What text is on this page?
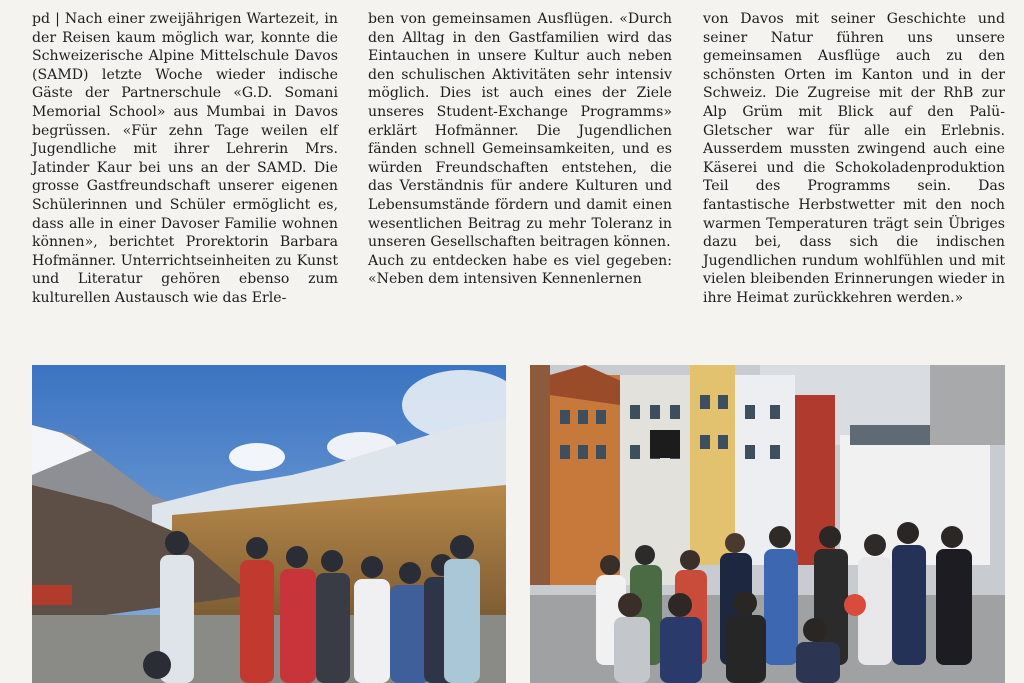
pd | Nach einer zweijährigen Wartezeit, in der Reisen kaum möglich war, konnte die Schweizerische Alpine Mittelschule Davos (SAMD) letzte Woche wieder indische Gäste der Partnerschule «G.D. Somani Memorial School» aus Mumbai in Davos begrüssen. «Für zehn Tage weilen elf Jugendliche mit ihrer Lehrerin Mrs. Jatinder Kaur bei uns an der SAMD. Die grosse Gastfreundschaft unserer eigenen Schülerinnen und Schüler ermöglicht es, dass alle in einer Davoser Familie wohnen können», berichtet Prorektorin Barbara Hofmänner. Unterrichtseinheiten zu Kunst und Literatur gehören ebenso zum kulturellen Austausch wie das Erle-

ben von gemeinsamen Ausflügen. «Durch den Alltag in den Gastfamilien wird das Eintauchen in unsere Kultur auch neben den schulischen Aktivitäten sehr intensiv möglich. Dies ist auch eines der Ziele unseres Student-Exchange Programms» erklärt Hofmänner. Die Jugendlichen fänden schnell Gemeinsamkeiten, und es würden Freundschaften entstehen, die das Verständnis für andere Kulturen und Lebensumstände fördern und damit einen wesentlichen Beitrag zu mehr Toleranz in unseren Gesellschaften beitragen können.

Auch zu entdecken habe es viel gegeben: «Neben dem intensiven Kennenlernen

von Davos mit seiner Geschichte und seiner Natur führen uns unsere gemeinsamen Ausflüge auch zu den schönsten Orten im Kanton und in der Schweiz. Die Zugreise mit der RhB zur Alp Grüm mit Blick auf den Palü-Gletscher war für alle ein Erlebnis. Ausserdem mussten zwingend auch eine Käserei und die Schokoladenproduktion Teil des Programms sein. Das fantastische Herbstwetter mit den noch warmen Temperaturen trägt sein Übriges dazu bei, dass sich die indischen Jugendlichen rundum wohlfühlen und mit vielen bleibenden Erinnerungen wieder in ihre Heimat zurückkehren werden.»
